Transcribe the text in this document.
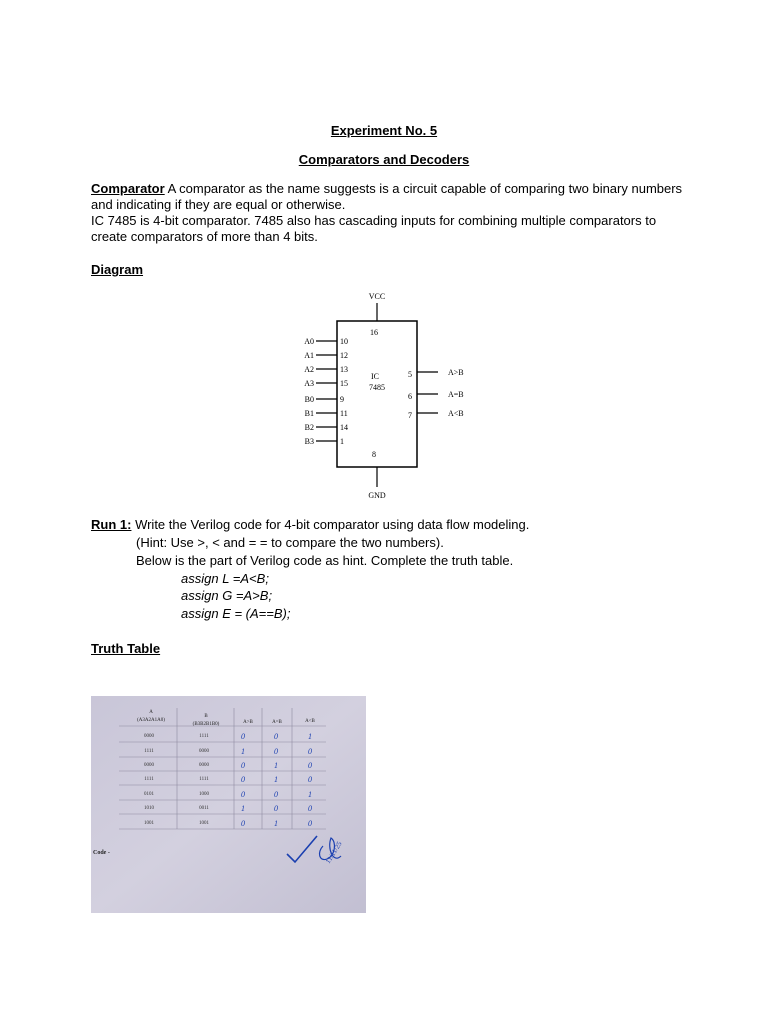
Experiment No. 5
Comparators and Decoders
Comparator A comparator as the name suggests is a circuit capable of comparing two binary numbers and indicating if they are equal or otherwise.
IC 7485 is 4-bit comparator. 7485 also has cascading inputs for combining multiple comparators to create comparators of more than 4 bits.
Diagram
VCC
GND
16
8
IC
7485
A0	10
A1	12
A2	13
A3	15
B0	9
B1	11
B2	14
B3	1
A>B
5
A=B
6
A<B
7
Run 1: Write the Verilog code for 4-bit comparator using data flow modeling.
(Hint: Use >, < and = = to compare the two numbers).
Below is the part of Verilog code as hint. Complete the truth table.
assign L =A<B;
assign G =A>B;
assign E = (A==B);
Truth Table
A
(A3A2A1A0)
B
(B3B2B1B0)	A>B	A=B	A<B
0000	1111	0	0	1
1111	0000	1	0	0
0000	0000	0	1	0
1111	1111	0	1	0
0101	1000	0	0	1
1010	0011	1	0	0
1001	1001	0	1	0
Code -	11/11/25
